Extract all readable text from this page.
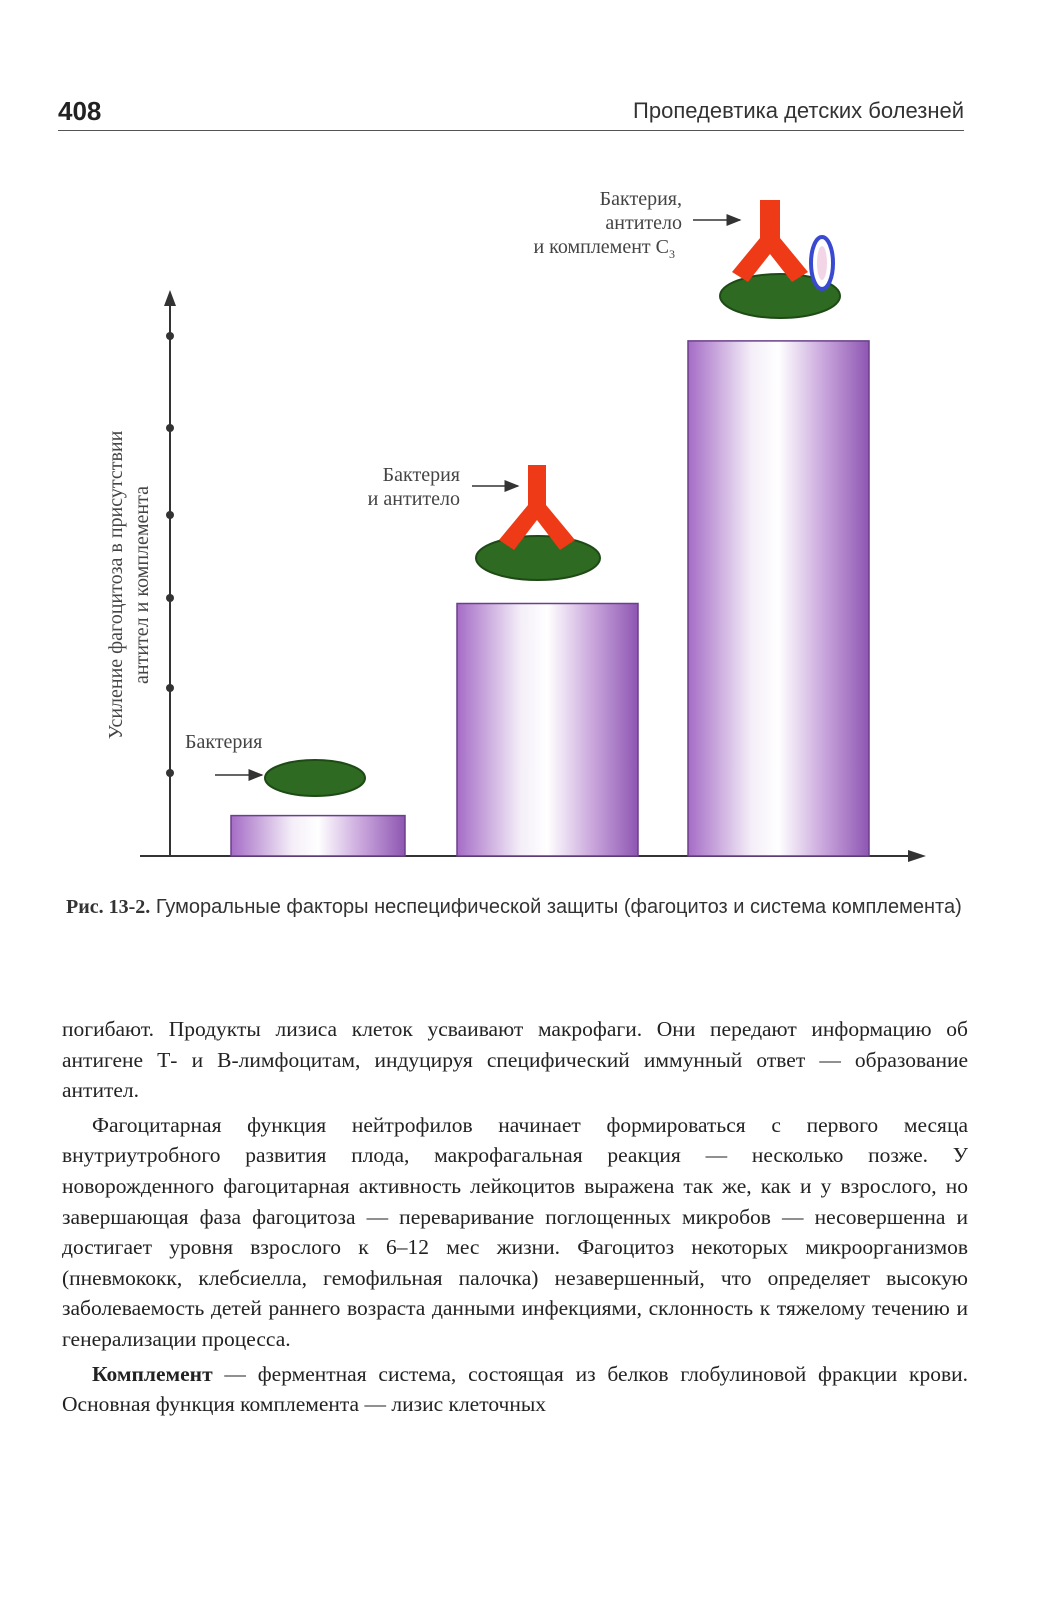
408	Пропедевтика детских болезней
Усиление фагоцитоза в присутствии антител и комплемента
Бактерия
Бактерия
и антитело
Бактерия,
антитело
и комплемент $C_3$
Рис. 13-2. Гуморальные факторы неспецифической защиты (фагоцитоз и система комплемента)

погибают. Продукты лизиса клеток усваивают макрофаги. Они передают информацию об антигене Т- и В-лимфоцитам, индуцируя специфический иммунный ответ — образование антител.

Фагоцитарная функция нейтрофилов начинает формироваться с первого месяца внутриутробного развития плода, макрофагальная реакция — несколько позже. У новорожденного фагоцитарная активность лейкоцитов выражена так же, как и у взрослого, но завершающая фаза фагоцитоза — переваривание поглощенных микробов — несовершенна и достигает уровня взрослого к 6–12 мес жизни. Фагоцитоз некоторых микроорганизмов (пневмококк, клебсиелла, гемофильная палочка) незавершенный, что определяет высокую заболеваемость детей раннего возраста данными инфекциями, склонность к тяжелому течению и генерализации процесса.

Комплемент — ферментная система, состоящая из белков глобулиновой фракции крови. Основная функция комплемента — лизис клеточных
